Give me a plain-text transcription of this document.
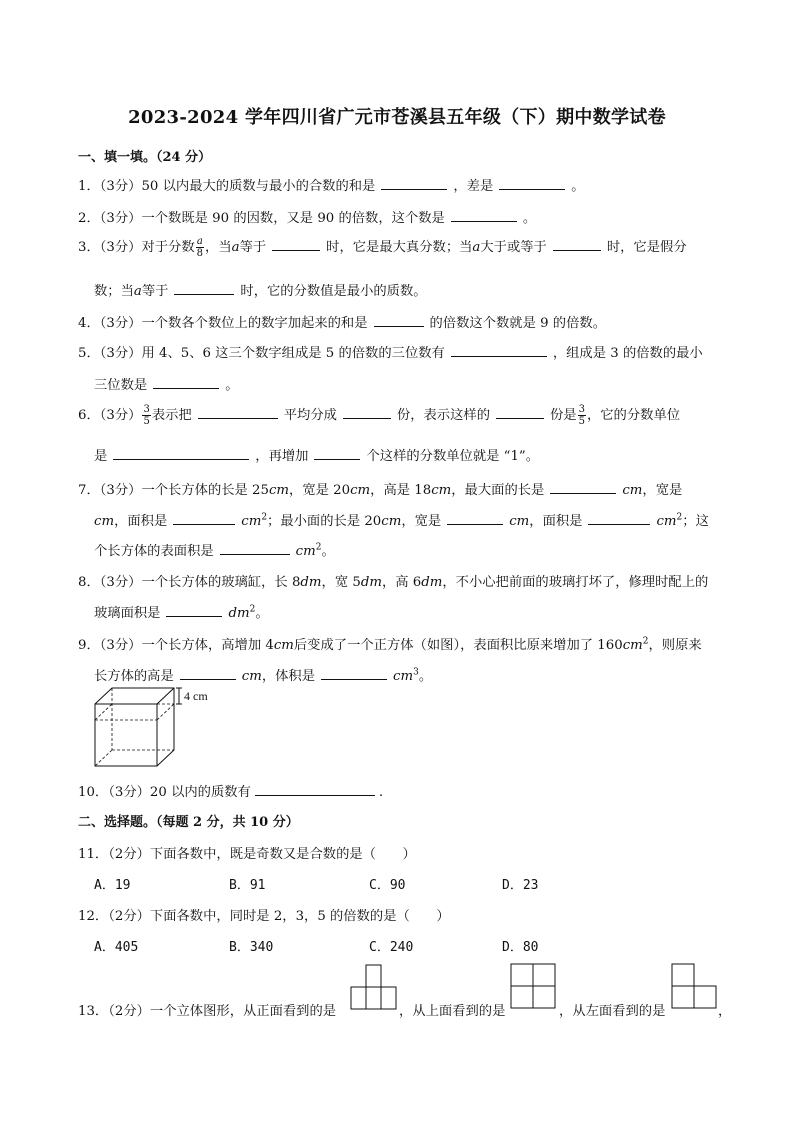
2023-2024 学年四川省广元市苍溪县五年级（下）期中数学试卷
一、填一填。（24 分）
1．（3分）50 以内最大的质数与最小的合数的和是	，差是	。
2．（3分）一个数既是 90 的因数，又是 90 的倍数，这个数是	。
3．（3分）对于分数 $\frac{a}{8}$ ，当a等于	时，它是最大真分数；当a大于或等于	时，它是假分
数；当a等于	时，它的分数值是最小的质数。
4．（3分）一个数各个数位上的数字加起来的和是	的倍数这个数就是 9 的倍数。
5．（3分）用 4、5、6 这三个数字组成是 5 的倍数的三位数有	，组成是 3 的倍数的最小
三位数是	。
6．（3分） $\frac{3}{5}$ 表示把	平均分成	份，表示这样的	份是 $\frac{3}{5}$ ，它的分数单位
是	，再增加	个这样的分数单位就是 “1”。
7．（3分）一个长方体的长是 25cm，宽是 20cm，高是 18cm，最大面的长是	cm，宽是
cm，面积是	$cm^2$；最小面的长是 20cm，宽是	cm，面积是	$cm^2$；这
个长方体的表面积是	$cm^2$。
8．（3分）一个长方体的玻璃缸，长 8dm，宽 5dm，高 6dm，不小心把前面的玻璃打坏了，修理时配上的
玻璃面积是	$dm^2$。
9．（3分）一个长方体，高增加 4cm后变成了一个正方体（如图），表面积比原来增加了 $160cm^2$，则原来
长方体的高是	cm，体积是	$cm^3$。
4 cm
10．（3分）20 以内的质数有	.
二、选择题。（每题 2 分，共 10 分）
11．（2分）下面各数中，既是奇数又是合数的是（　　）
A．19	B．91	C．90	D．23
12．（2分）下面各数中，同时是 2，3，5 的倍数的是（　　）
A．405	B．340	C．240	D．80
13．（2分）一个立体图形，从正面看到的是	，从上面看到的是	，从左面看到的是	，
